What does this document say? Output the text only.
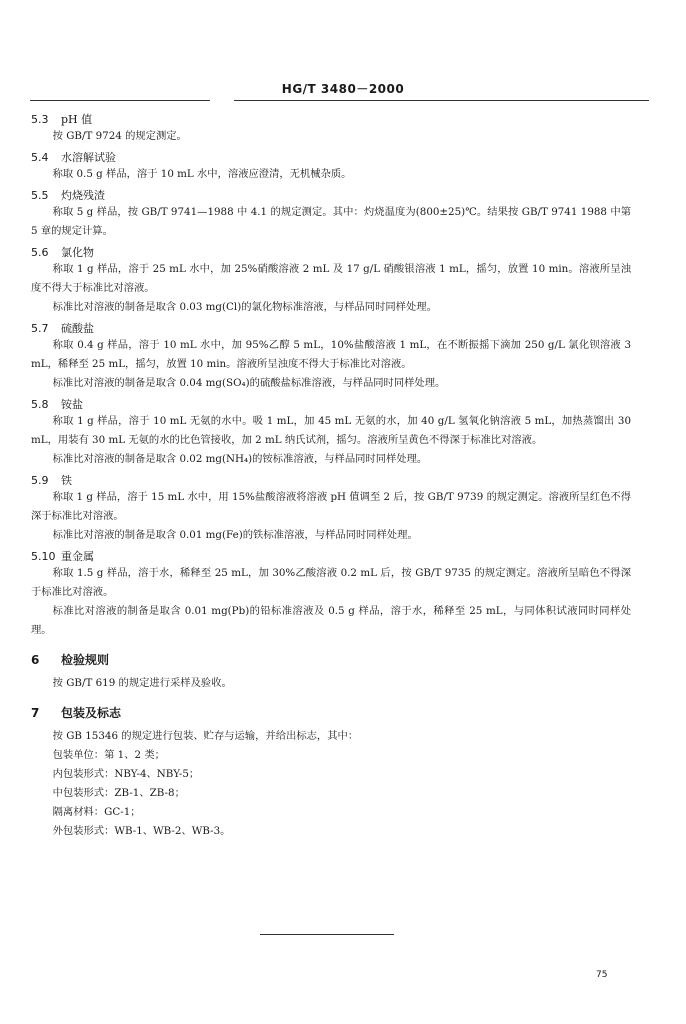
HG/T 3480－2000
5.3 pH 值
按 GB/T 9724 的规定测定。
5.4 水溶解试验
称取 0.5 g 样品，溶于 10 mL 水中，溶液应澄清，无机械杂质。
5.5 灼烧残渣
称取 5 g 样品，按 GB/T 9741—1988 中 4.1 的规定测定。其中：灼烧温度为(800±25)℃。结果按 GB/T 9741 1988 中第 5 章的规定计算。
5.6 氯化物
称取 1 g 样品，溶于 25 mL 水中，加 25%硝酸溶液 2 mL 及 17 g/L 硝酸银溶液 1 mL，摇匀，放置 10 min。溶液所呈浊度不得大于标准比对溶液。
标准比对溶液的制备是取含 0.03 mg(Cl)的氯化物标准溶液，与样品同时同样处理。
5.7 硫酸盐
称取 0.4 g 样品，溶于 10 mL 水中，加 95%乙醇 5 mL，10%盐酸溶液 1 mL，在不断振摇下滴加 250 g/L 氯化钡溶液 3 mL，稀释至 25 mL，摇匀，放置 10 min。溶液所呈浊度不得大于标准比对溶液。
标准比对溶液的制备是取含 0.04 mg(SO₄)的硫酸盐标准溶液，与样品同时同样处理。
5.8 铵盐
称取 1 g 样品，溶于 10 mL 无氨的水中。吸 1 mL，加 45 mL 无氨的水，加 40 g/L 氢氧化钠溶液 5 mL，加热蒸馏出 30 mL，用装有 30 mL 无氨的水的比色管接收，加 2 mL 纳氏试剂，摇匀。溶液所呈黄色不得深于标准比对溶液。
标准比对溶液的制备是取含 0.02 mg(NH₄)的铵标准溶液，与样品同时同样处理。
5.9 铁
称取 1 g 样品，溶于 15 mL 水中，用 15%盐酸溶液将溶液 pH 值调至 2 后，按 GB/T 9739 的规定测定。溶液所呈红色不得深于标准比对溶液。
标准比对溶液的制备是取含 0.01 mg(Fe)的铁标准溶液，与样品同时同样处理。
5.10 重金属
称取 1.5 g 样品，溶于水，稀释至 25 mL，加 30%乙酸溶液 0.2 mL 后，按 GB/T 9735 的规定测定。溶液所呈暗色不得深于标准比对溶液。
标准比对溶液的制备是取含 0.01 mg(Pb)的铅标准溶液及 0.5 g 样品，溶于水，稀释至 25 mL，与同体积试液同时同样处理。
6 检验规则
按 GB/T 619 的规定进行采样及验收。
7 包装及标志
按 GB 15346 的规定进行包装、贮存与运输，并给出标志，其中：
包装单位：第 1、2 类；
内包装形式：NBY-4、NBY-5；
中包装形式：ZB-1、ZB-8；
隔离材料：GC-1；
外包装形式：WB-1、WB-2、WB-3。
75
